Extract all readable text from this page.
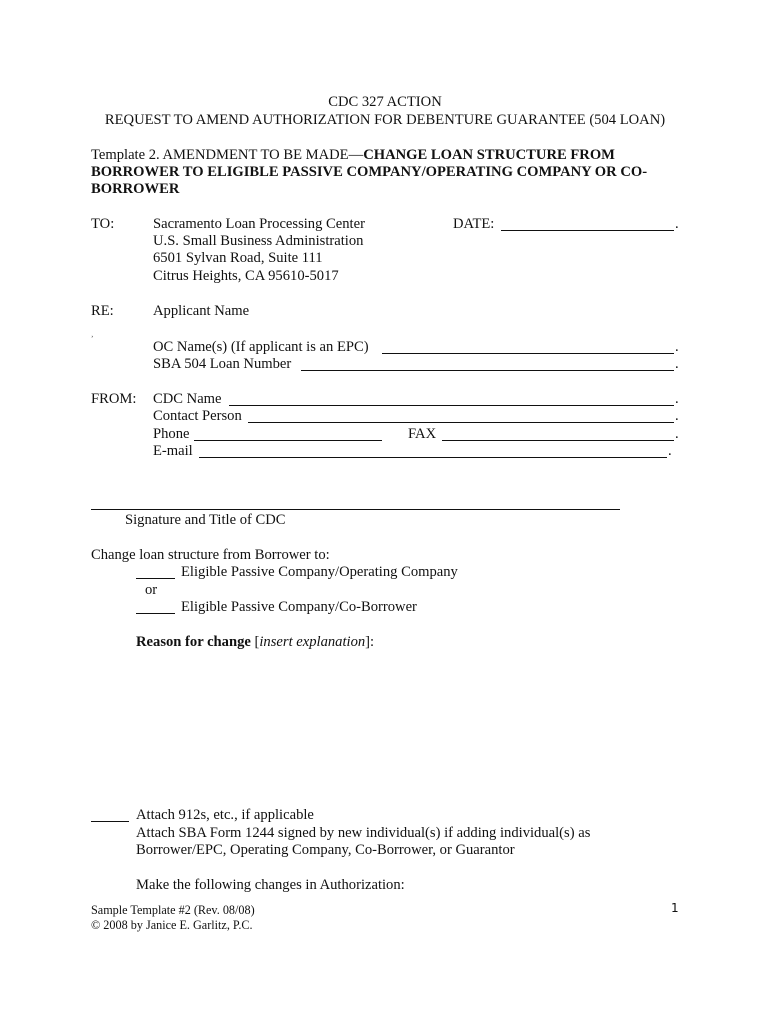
CDC 327 ACTION
REQUEST TO AMEND AUTHORIZATION FOR DEBENTURE GUARANTEE (504 LOAN)
Template 2. AMENDMENT TO BE MADE—CHANGE LOAN STRUCTURE FROM
BORROWER TO ELIGIBLE PASSIVE COMPANY/OPERATING COMPANY OR CO-
BORROWER
TO:	Sacramento Loan Processing Center
U.S. Small Business Administration
6501 Sylvan Road, Suite 111
Citrus Heights, CA 95610-5017
DATE:	.
RE:	Applicant Name
¸
OC Name(s) (If applicant is an EPC)	.
SBA 504 Loan Number	.
FROM: CDC Name	.
Contact Person	.
Phone	FAX	.
E-mail	.
Signature and Title of CDC
Change loan structure from Borrower to:
Eligible Passive Company/Operating Company
or
Eligible Passive Company/Co-Borrower
Reason for change [insert explanation]:
Attach 912s, etc., if applicable
Attach SBA Form 1244 signed by new individual(s) if adding individual(s) as
Borrower/EPC, Operating Company, Co-Borrower, or Guarantor
Make the following changes in Authorization:
Sample Template #2 (Rev. 08/08)
© 2008 by Janice E. Garlitz, P.C.
1
